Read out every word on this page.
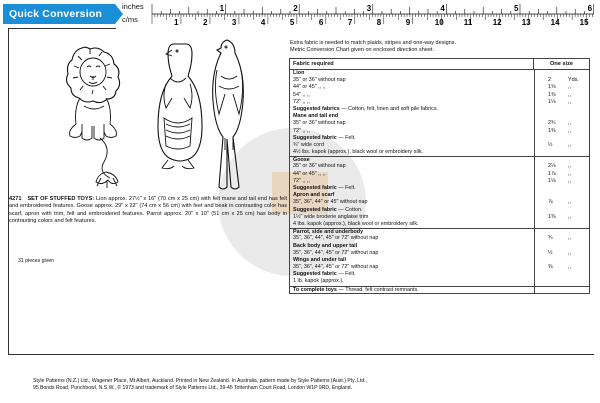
Quick Conversion	1	2	3	4	5	6
1	2	3	4	5	6	7	8	9	10	11	12	13	14	15
inches
c/ms
4271 SET OF STUFFED TOYS: Lion approx. 27½" x 16" (70 cm x 25 cm) with felt mane and tail end has felt and embroidered features. Goose approx. 29" x 22" (74 cm x 56 cm) with feet and beak in contrasting color has scarf, apron with trim, felt and embroidered features. Parrot approx. 20" x 10" (51 cm x 25 cm) has body in contrasting colors and felt features.
31 pieces given
Extra fabric is needed to match plaids, stripes and one-way designs.
Metric Conversion Chart given on enclosed direction sheet.
Fabric required	One size
Lion
35" or 36" without nap	2	Yds.
44" or 45" ,, ,,	1⅝	,,
54" ,, ,,	1⅜	,,
72" ,, ,,	1⅛	,,
Suggested fabrics — Cotton, felt, linen and soft pile fabrics.
Mane and tail end
35" or 36" without nap	2¾	,,
72" ,, ,,	1⅜	,,
Suggested fabric — Felt.
¾" wide cord	½	,,
4½ lbs. kapok (approx.), black wool or embroidery silk.
Goose
35" or 36" without nap	2⅛	,,
44" or 45" ,, ,,	1⅞	,,
72" ,, ,,	1⅛	,,
Suggested fabric — Felt.
Apron and scarf
35", 36", 44" or 45" without nap	⅞	,,
Suggested fabric — Cotton.
1½" wide broderie anglaise trim	1⅜	,,
4 lbs. kapok (approx.), black wool or embroidery silk.
Parrot, side and underbody
35", 36", 44", 45" or 72" without nap	¾	,,
Back body and upper tail
35", 36", 44", 45" or 72" without nap	½	,,
Wings and under tail
35", 36", 44", 45" or 72" without nap	⅜	,,
Suggested fabric — Felt.
1 lb. kapok (approx.).
To complete toys — Thread, felt contrast remnants.
Style Patterns (N.Z.) Ltd., Wagener Place, Mt Albert, Auckland. Printed in New Zealand. In Australia, pattern made by Style Patterns (Aust.) Pty. Ltd.,
95 Bonds Road, Punchbowl, N.S.W., © 1973 and trademark of Style Patterns Ltd., 39-45 Tottenham Court Road, London W1P 9RD, England.
